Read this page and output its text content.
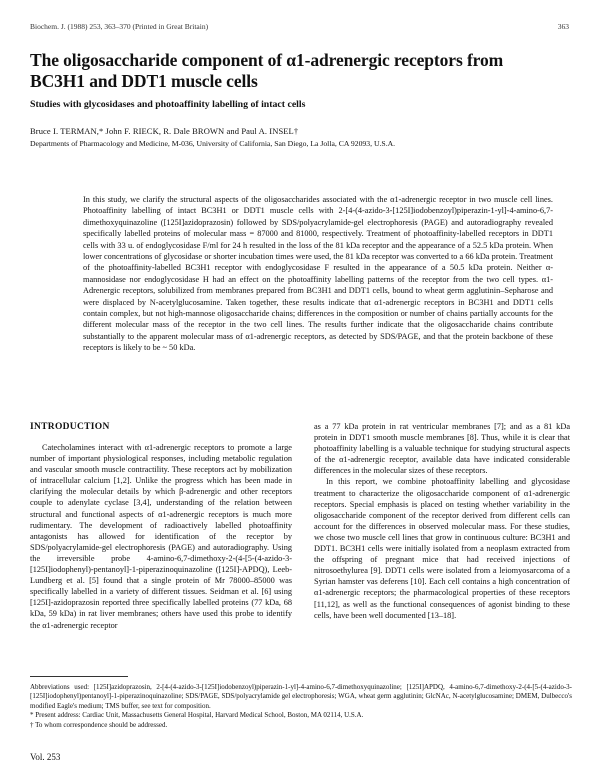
Biochem. J. (1988) 253, 363–370 (Printed in Great Britain)	363
The oligosaccharide component of α1-adrenergic receptors from
BC3H1 and DDT1 muscle cells
Studies with glycosidases and photoaffinity labelling of intact cells
Bruce I. TERMAN,* John F. RIECK, R. Dale BROWN and Paul A. INSEL†
Departments of Pharmacology and Medicine, M-036, University of California, San Diego, La Jolla, CA 92093, U.S.A.

In this study, we clarify the structural aspects of the oligosaccharides associated with the α1-adrenergic receptor in two muscle cell lines. Photoaffinity labelling of intact BC3H1 or DDT1 muscle cells with 2-[4-(4-azido-3-[125I]iodobenzoyl)piperazin-1-yl]-4-amino-6,7-dimethoxyquinazoline ([125I]azidoprazosin) followed by SDS/polyacrylamide-gel electrophoresis (PAGE) and autoradiography revealed specifically labelled proteins of molecular mass = 87000 and 81000, respectively. Treatment of photoaffinity-labelled receptors in DDT1 cells with 33 u. of endoglycosidase F/ml for 24 h resulted in the loss of the 81 kDa receptor and the appearance of a 52.5 kDa protein. When lower concentrations of glycosidase or shorter incubation times were used, the 81 kDa receptor was converted to a 66 kDa protein. Treatment of the photoaffinity-labelled BC3H1 receptor with endoglycosidase F resulted in the appearance of a 50.5 kDa protein. Neither α-mannosidase nor endoglycosidase H had an effect on the photoaffinity labelling patterns of the receptor from the two cell types. α1-Adrenergic receptors, solubilized from membranes prepared from BC3H1 and DDT1 cells, bound to wheat germ agglutinin–Sepharose and were displaced by N-acetylglucosamine. Taken together, these results indicate that α1-adrenergic receptors in BC3H1 and DDT1 cells contain complex, but not high-mannose oligosaccharide chains; differences in the composition or number of chains partially accounts for the different molecular mass of the receptor in the two cell lines. The results further indicate that the oligosaccharide chains contribute substantially to the apparent molecular mass of α1-adrenergic receptors, as detected by SDS/PAGE, and that the protein backbone of these receptors is likely to be ~ 50 kDa.

INTRODUCTION

Catecholamines interact with α1-adrenergic receptors to promote a large number of important physiological responses, including metabolic regulation and vascular smooth muscle contractility. These receptors act by mobilization of intracellular calcium [1,2]. Unlike the progress which has been made in clarifying the molecular details by which β-adrenergic and other receptors couple to adenylate cyclase [3,4], understanding of the relation between structural and functional aspects of α1-adrenergic receptors is much more rudimentary. The development of radioactively labelled photoaffinity antagonists has allowed for identification of the receptor by SDS/polyacrylamide-gel electrophoresis (PAGE) and autoradiography. Using the irreversible probe 4-amino-6,7-dimethoxy-2-(4-[5-(4-azido-3-[125I]iodophenyl)-pentanoyl]-1-piperazinoquinazoline ([125I]-APDQ), Leeb-Lundberg et al. [5] found that a single protein of Mr 78000–85000 was specifically labelled in a variety of different tissues. Seidman et al. [6] using [125I]-azidoprazosin reported three specifically labelled proteins (77 kDa, 68 kDa, 59 kDa) in rat liver membranes; others have used this probe to identify the α1-adrenergic receptor

as a 77 kDa protein in rat ventricular membranes [7]; and as a 81 kDa protein in DDT1 smooth muscle membranes [8]. Thus, while it is clear that photoaffinity labelling is a valuable technique for studying structural aspects of the α1-adrenergic receptor, available data have indicated considerable differences in the molecular sizes of these receptors.

In this report, we combine photoaffinity labelling and glycosidase treatment to characterize the oligosaccharide component of α1-adrenergic receptors. Special emphasis is placed on testing whether variability in the oligosaccharide component of the receptor derived from different cells can account for the differences in observed molecular mass. For these studies, we chose two muscle cell lines that grow in continuous culture: BC3H1 and DDT1. BC3H1 cells were initially isolated from a neoplasm extracted from the offspring of pregnant mice that had received injections of nitrosoethylurea [9]. DDT1 cells were isolated from a leiomyosarcoma of a Syrian hamster vas deferens [10]. Each cell contains a high concentration of α1-adrenergic receptors; the pharmacological properties of these receptors [11,12], as well as the functional consequences of agonist binding to these cells, have been well documented [13–18].

Abbreviations used: [125I]azidoprazosin, 2-[4-(4-azido-3-[125I]iodobenzoyl)piperazin-1-yl]-4-amino-6,7-dimethoxyquinazoline; [125I]APDQ, 4-amino-6,7-dimethoxy-2-(4-[5-(4-azido-3-[125I]iodophenyl)pentanoyl]-1-piperazinoquinazoline; SDS/PAGE, SDS/polyacrylamide gel electrophoresis; WGA, wheat germ agglutinin; GlcNAc, N-acetylglucosamine; DMEM, Dulbecco's modified Eagle's medium; TMS buffer, see text for composition.

* Present address: Cardiac Unit, Massachusetts General Hospital, Harvard Medical School, Boston, MA 02114, U.S.A.

† To whom correspondence should be addressed.

Vol. 253
